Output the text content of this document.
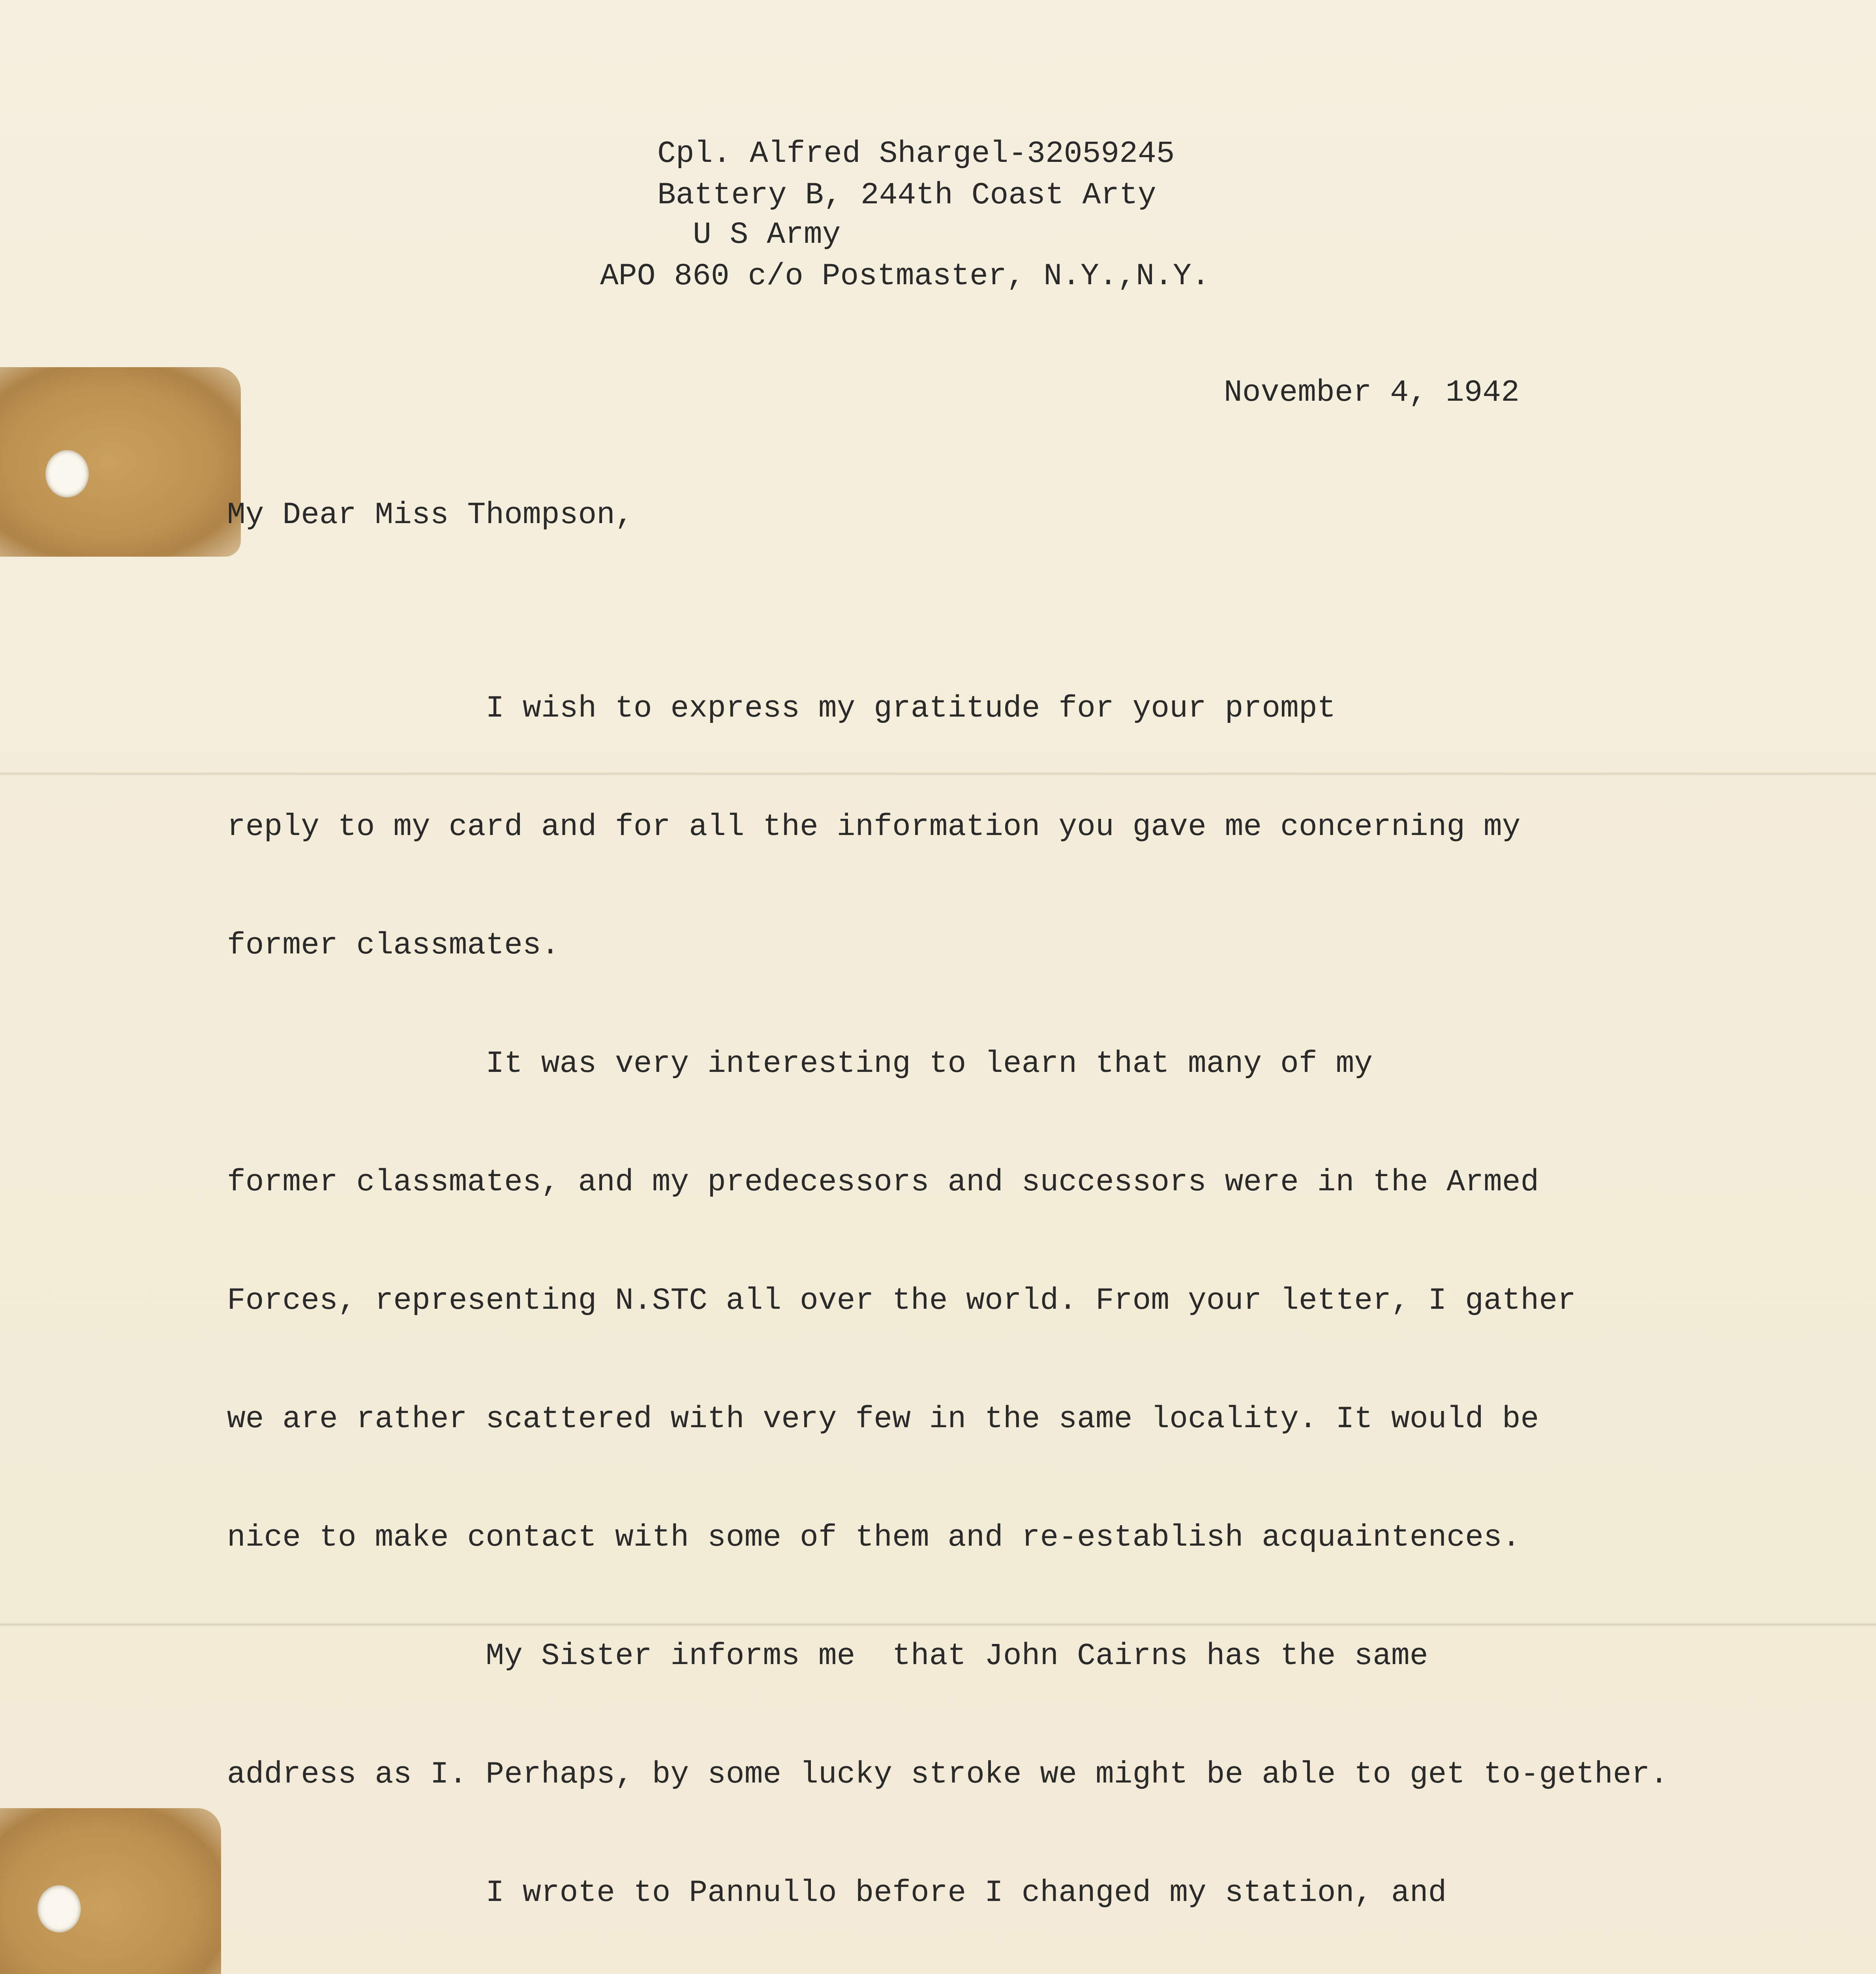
Cpl. Alfred Shargel-32059245
Battery B, 244th Coast Arty
U S Army
APO 860 c/o Postmaster, N.Y.,N.Y.
November 4, 1942
My Dear Miss Thompson,

I wish to express my gratitude for your prompt

reply to my card and for all the information you gave me concerning my

former classmates.

It was very interesting to learn that many of my

former classmates, and my predecessors and successors were in the Armed

Forces, representing N.STC all over the world. From your letter, I gather

we are rather scattered with very few in the same locality. It would be

nice to make contact with some of them and re-establish acquaintences.

My Sister informs me  that John Cairns has the same

address as I. Perhaps, by some lucky stroke we might be able to get to-gether.

I wrote to Pannullo before I changed my station, and
